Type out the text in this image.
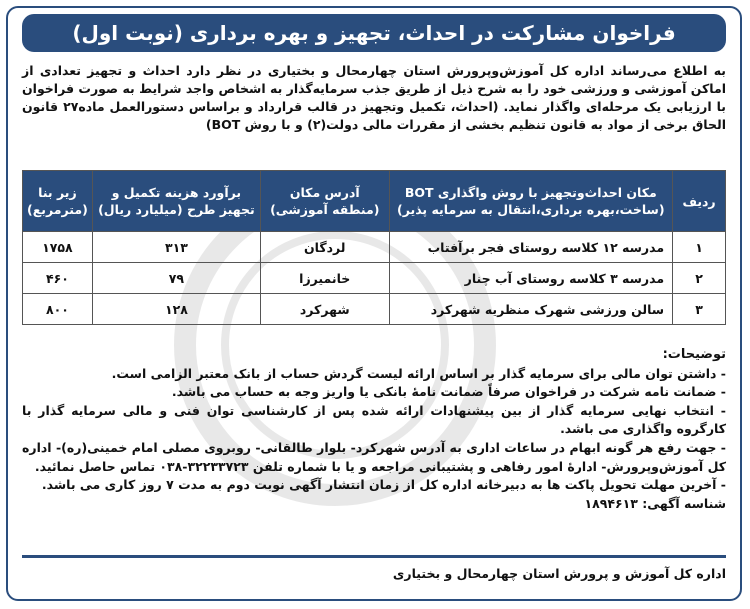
فراخوان مشارکت در احداث، تجهیز و بهره برداری (نوبت اول)

به اطلاع می‌رساند اداره کل آموزش‌وپرورش استان چهارمحال و بختیاری در نظر دارد احداث و تجهیز تعدادی از اماکن آموزشی و ورزشی خود را به شرح ذیل از طریق جذب سرمایه‌گذار به اشخاص واجد شرایط به صورت فراخوان با ارزیابی یک مرحله‌ای واگذار نماید. (احداث، تکمیل وتجهیز در قالب قرارداد و براساس دستورالعمل ماده۲۷ قانون الحاق برخی از مواد به قانون تنظیم بخشی از مقررات مالی دولت(۲) و با روش BOT)

ردیف	مکان احداث‌وتجهیز با روش واگذاری BOT (ساخت،بهره برداری،انتقال به سرمایه پذیر)	آدرس مکان (منطقه آموزشی)	برآورد هزینه تکمیل و تجهیز طرح (میلیارد ریال)	زیر بنا (مترمربع)
۱	مدرسه ۱۲ کلاسه روستای فجر برآفتاب	لردگان	۳۱۳	۱۷۵۸
۲	مدرسه ۳ کلاسه روستای آب چنار	خانمیرزا	۷۹	۴۶۰
۳	سالن ورزشی شهرک منظریه شهرکرد	شهرکرد	۱۲۸	۸۰۰

توضیحات:

- داشتن توان مالی برای سرمایه گذار بر اساس ارائه لیست گردش حساب از بانک معتبر الزامی است.

- ضمانت نامه شرکت در فراخوان صرفاً ضمانت نامۀ بانکی یا واریز وجه به حساب می باشد.

- انتخاب نهایی سرمایه گذار از بین پیشنهادات ارائه شده پس از کارشناسی توان فنی و مالی سرمایه گذار با کارگروه واگذاری می باشد.

- جهت رفع هر گونه ابهام در ساعات اداری به آدرس شهرکرد- بلوار طالقانی- روبروی مصلی امام خمینی(ره)- اداره کل آموزش‌وپرورش- ادارۀ امور رفاهی و پشتیبانی مراجعه و یا با شماره تلفن ۳۲۲۳۳۷۲۳-۰۳۸ تماس حاصل نمائید.

- آخرین مهلت تحویل پاکت ها به دبیرخانه اداره کل از زمان انتشار آگهی نوبت دوم به مدت ۷ روز کاری می باشد.

شناسه آگهی: ۱۸۹۴۶۱۳

اداره کل آموزش و پرورش استان چهارمحال و بختیاری
